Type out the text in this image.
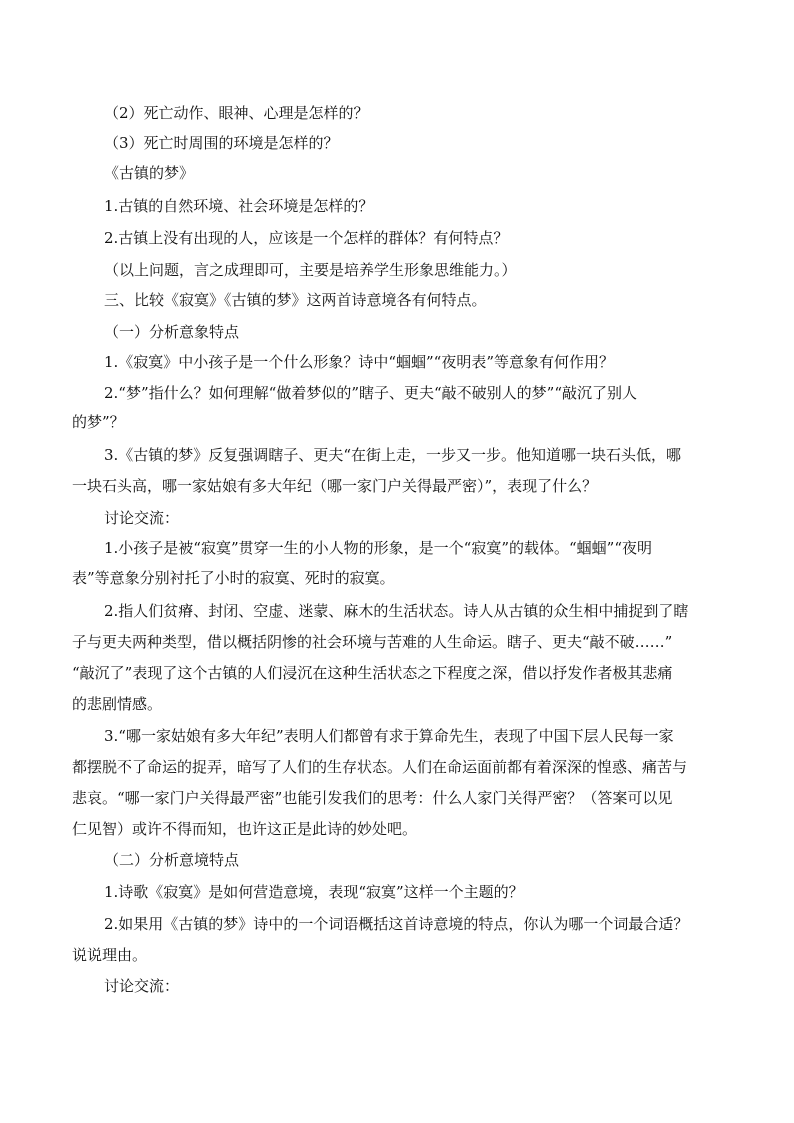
（2）死亡动作、眼神、心理是怎样的？
（3）死亡时周围的环境是怎样的？
《古镇的梦》
1.古镇的自然环境、社会环境是怎样的？
2.古镇上没有出现的人，应该是一个怎样的群体？有何特点？
（以上问题，言之成理即可，主要是培养学生形象思维能力。）
三、比较《寂寞》《古镇的梦》这两首诗意境各有何特点。
（一）分析意象特点
1.《寂寞》中小孩子是一个什么形象？诗中“蝈蝈”“夜明表”等意象有何作用？
2.“梦”指什么？如何理解“做着梦似的”瞎子、更夫“敲不破别人的梦”“敲沉了别人
的梦”？
3.《古镇的梦》反复强调瞎子、更夫“在街上走，一步又一步。他知道哪一块石头低，哪
一块石头高，哪一家姑娘有多大年纪（哪一家门户关得最严密）”，表现了什么？
讨论交流：
1.小孩子是被“寂寞”贯穿一生的小人物的形象，是一个“寂寞”的载体。“蝈蝈”“夜明
表”等意象分别衬托了小时的寂寞、死时的寂寞。
2.指人们贫瘠、封闭、空虚、迷蒙、麻木的生活状态。诗人从古镇的众生相中捕捉到了瞎
子与更夫两种类型，借以概括阴惨的社会环境与苦难的人生命运。瞎子、更夫“敲不破……”
“敲沉了”表现了这个古镇的人们浸沉在这种生活状态之下程度之深，借以抒发作者极其悲痛
的悲剧情感。
3.“哪一家姑娘有多大年纪”表明人们都曾有求于算命先生，表现了中国下层人民每一家
都摆脱不了命运的捉弄，暗写了人们的生存状态。人们在命运面前都有着深深的惶惑、痛苦与
悲哀。“哪一家门户关得最严密”也能引发我们的思考：什么人家门关得严密？（答案可以见
仁见智）或许不得而知，也许这正是此诗的妙处吧。
（二）分析意境特点
1.诗歌《寂寞》是如何营造意境，表现“寂寞”这样一个主题的？
2.如果用《古镇的梦》诗中的一个词语概括这首诗意境的特点，你认为哪一个词最合适？
说说理由。
讨论交流：
